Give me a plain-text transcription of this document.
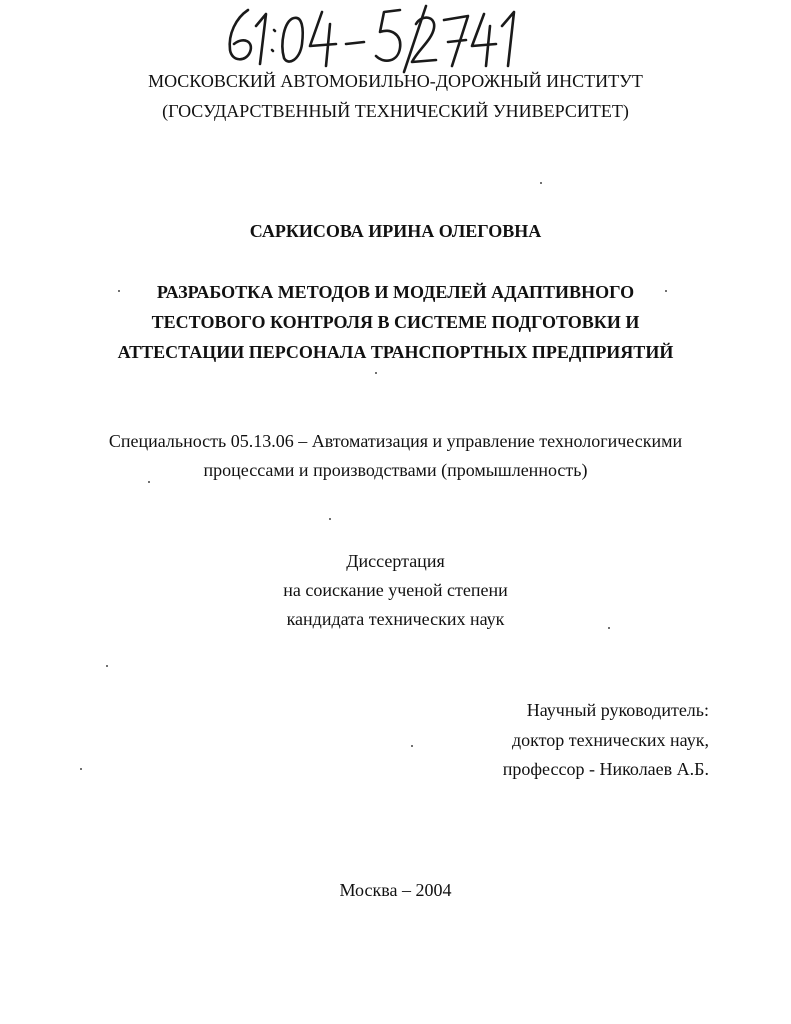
МОСКОВСКИЙ АВТОМОБИЛЬНО-ДОРОЖНЫЙ ИНСТИТУТ
(ГОСУДАРСТВЕННЫЙ ТЕХНИЧЕСКИЙ УНИВЕРСИТЕТ)
САРКИСОВА ИРИНА ОЛЕГОВНА
РАЗРАБОТКА МЕТОДОВ И МОДЕЛЕЙ АДАПТИВНОГО
ТЕСТОВОГО КОНТРОЛЯ В СИСТЕМЕ ПОДГОТОВКИ И
АТТЕСТАЦИИ ПЕРСОНАЛА ТРАНСПОРТНЫХ ПРЕДПРИЯТИЙ
Специальность 05.13.06 – Автоматизация и управление технологическими
процессами и производствами (промышленность)
Диссертация
на соискание ученой степени
кандидата технических наук
Научный руководитель:
доктор технических наук,
профессор - Николаев А.Б.
Москва – 2004
